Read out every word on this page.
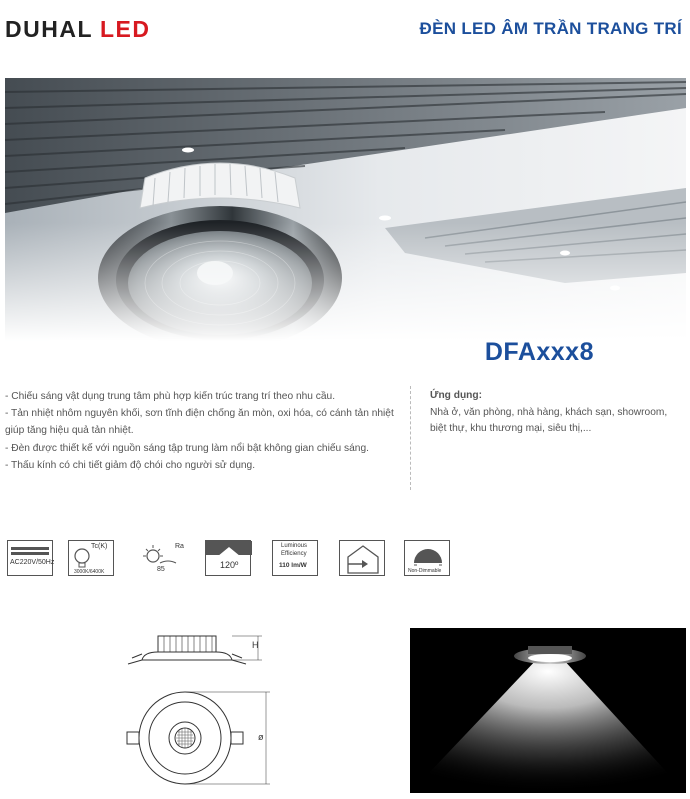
DUHAL LED	ĐÈN LED ÂM TRẦN TRANG TRÍ
DFAxxx8
- Chiếu sáng vật dụng trung tâm phù hợp kiến trúc trang trí theo nhu cầu.
- Tản nhiệt nhôm nguyên khối, sơn tĩnh điện chống ăn mòn, oxi hóa, có cánh tản nhiệt giúp tăng hiệu quả tản nhiệt.
- Đèn được thiết kế với nguồn sáng tập trung làm nổi bật không gian chiếu sáng.
- Thấu kính có chi tiết giảm độ chói cho người sử dụng.
Ứng dụng:
Nhà ở, văn phòng, nhà hàng, khách sạn, showroom, biệt thự, khu thương mại, siêu thị,...
AC220V/50Hz
Tc(K)
3000K/6400K
Ra
85	120º
Luminous
Efficiency
110 lm/W
Non-Dimmable
H
ø
